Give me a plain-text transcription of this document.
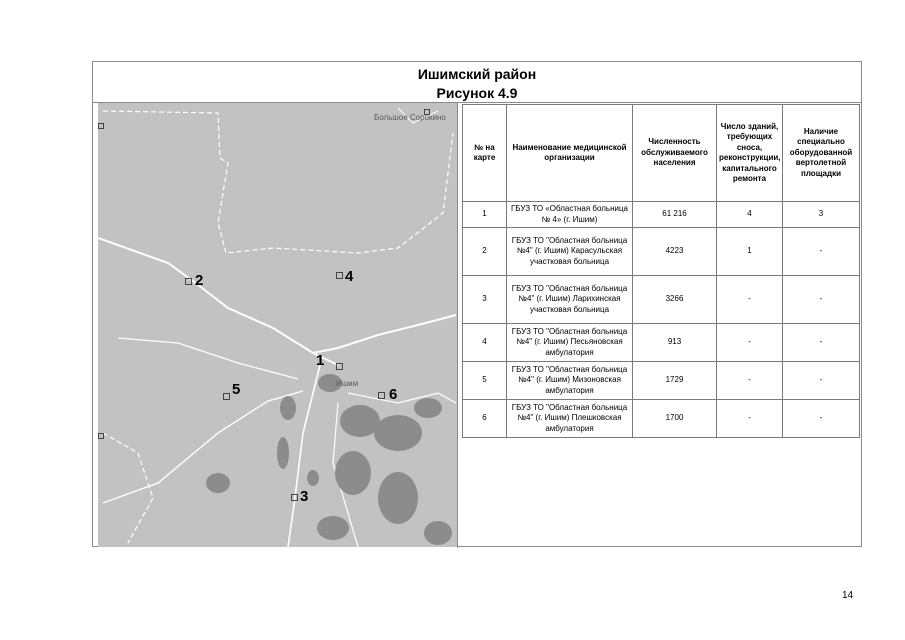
Ишимский район
Рисунок 4.9
Большое Сорокино
Ишим
1
2
3
4
5	6
№ на карте	Наименование медицинской организации	Численность обслуживаемого населения	Число зданий, требующих сноса, реконструкции, капитального ремонта	Наличие специально оборудованной вертолетной площадки
1	ГБУЗ ТО «Областная больница № 4» (г. Ишим)	61 216	4	3
2	ГБУЗ ТО "Областная больница №4" (г. Ишим) Карасульская участковая больница	4223	1	-
3	ГБУЗ ТО "Областная больница №4" (г. Ишим) Ларихинская участковая больница	3266	-	-
4	ГБУЗ ТО "Областная больница №4" (г. Ишим) Песьяновская амбулатория	913	-	-
5	ГБУЗ ТО "Областная больница №4" (г. Ишим) Мизоновская амбулатория	1729	-	-
6	ГБУЗ ТО "Областная больница №4" (г. Ишим) Плешковская амбулатория	1700	-	-
14
